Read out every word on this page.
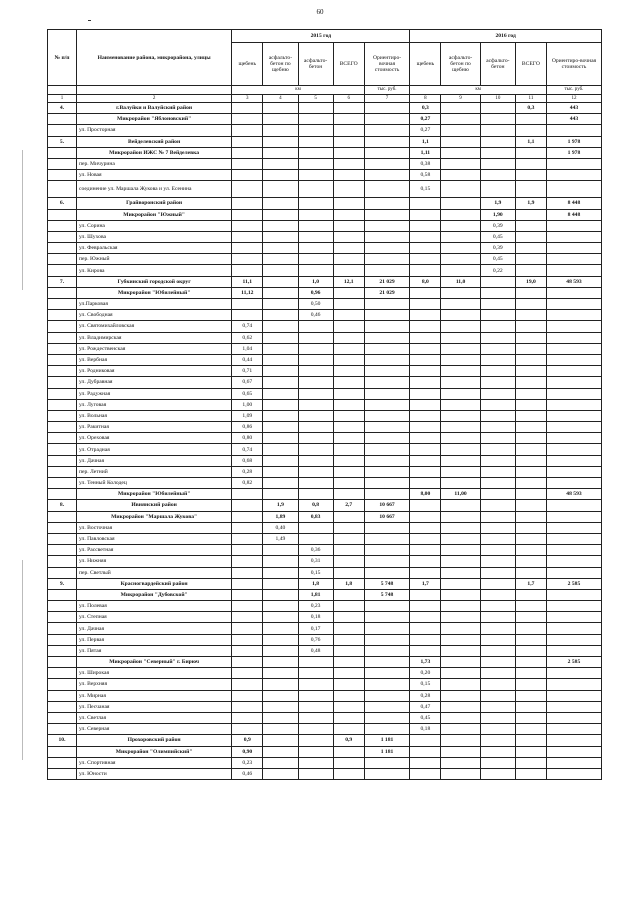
60
№ п/п	Наименование района, микрорайона, улицы	2015 год					2016 год				
		щебень	асфальто-бетон по щебню	асфальто-бетон	ВСЕГО	Ориентиро-вочная стоимость	щебень	асфальто-бетон по щебню	асфальто-бетон	ВСЕГО	Ориентиро-вочная стоимость
		км				тыс. руб.	км				тыс. руб.
1	2	3	4	5	6	7	8	9	10	11	12
4.	г.Валуйки и Валуйский район						0,3			0,3	443
	Микрорайон "Яблоновский"						0,27				443
	ул. Просторная						0,27				
5.	Вейделевский район						1,1			1,1	1 978
	Микрорайон ИЖС № 7 Вейделевка						1,11				1 978
	пер. Мичурина						0,38				
	ул. Новая						0,58				
	соединение ул. Маршала Жукова и ул. Есенина						0,15				
6.	Грайворонский район								1,9	1,9	8 448
	Микрорайон "Южный"								1,90		8 448
	ул. Сорина								0,39		
	ул. Шухова								0,45		
	ул. Февральская								0,39		
	пер. Южный								0,45		
	ул. Кирова								0,22		
7.	Губкинский городской округ	11,1		1,0	12,1	21 029	8,0	11,0		19,0	48 593
	Микрорайон "Юбилейный"	11,12		0,96		21 029					
	ул.Парковая			0,50							
	ул. Свободная			0,46							
	ул. Святомихайловская	0,74									
	ул. Владимирская	0,62									
	ул. Рождественская	1,04									
	ул. Вербная	0,44									
	ул. Родниковая	0,71									
	ул. Дубравная	0,67									
	ул. Радужная	0,65									
	ул. Луговая	1,00									
	ул. Вольная	1,09									
	ул. Ракитная	0,86									
	ул. Ореховая	0,80									
	ул. Отрадная	0,74									
	ул. Дачная	0,68									
	пер. Летний	0,28									
	ул. Тенный Колодец	0,82									
	Микрорайон "Юбилейный"						8,00	11,00			48 593
8.	Ивнянский район		1,9	0,8	2,7	10 667					
	Микрорайон "Маршала Жукова"		1,89	0,83		10 667					
	ул. Восточная		0,40								
	ул. Павловская		1,49								
	ул. Рассветная			0,36							
	ул. Нижняя			0,31							
	пер. Светлый			0,15							
9.	Красногвардейский район			1,8	1,8	5 748	1,7			1,7	2 585
	Микрорайон "Дубовской"			1,81		5 748					
	ул. Полевая			0,23							
	ул. Степная			0,18							
	ул. Дачная			0,17							
	ул. Первая			0,76							
	ул. Пятая			0,48							
	Микрорайон "Северный" г. Бирюч						1,73				2 585
	ул. Широкая						0,20				
	ул. Верхняя						0,15				
	ул. Мирная						0,28				
	ул. Песчаная						0,47				
	ул. Светлая						0,45				
	ул. Северная						0,18				
10.	Прохоровский район	0,9			0,9	1 181					
	Микрорайон "Олимпийский"	0,90				1 181					
	ул. Спортивная	0,23									
	ул. Юности	0,46									
